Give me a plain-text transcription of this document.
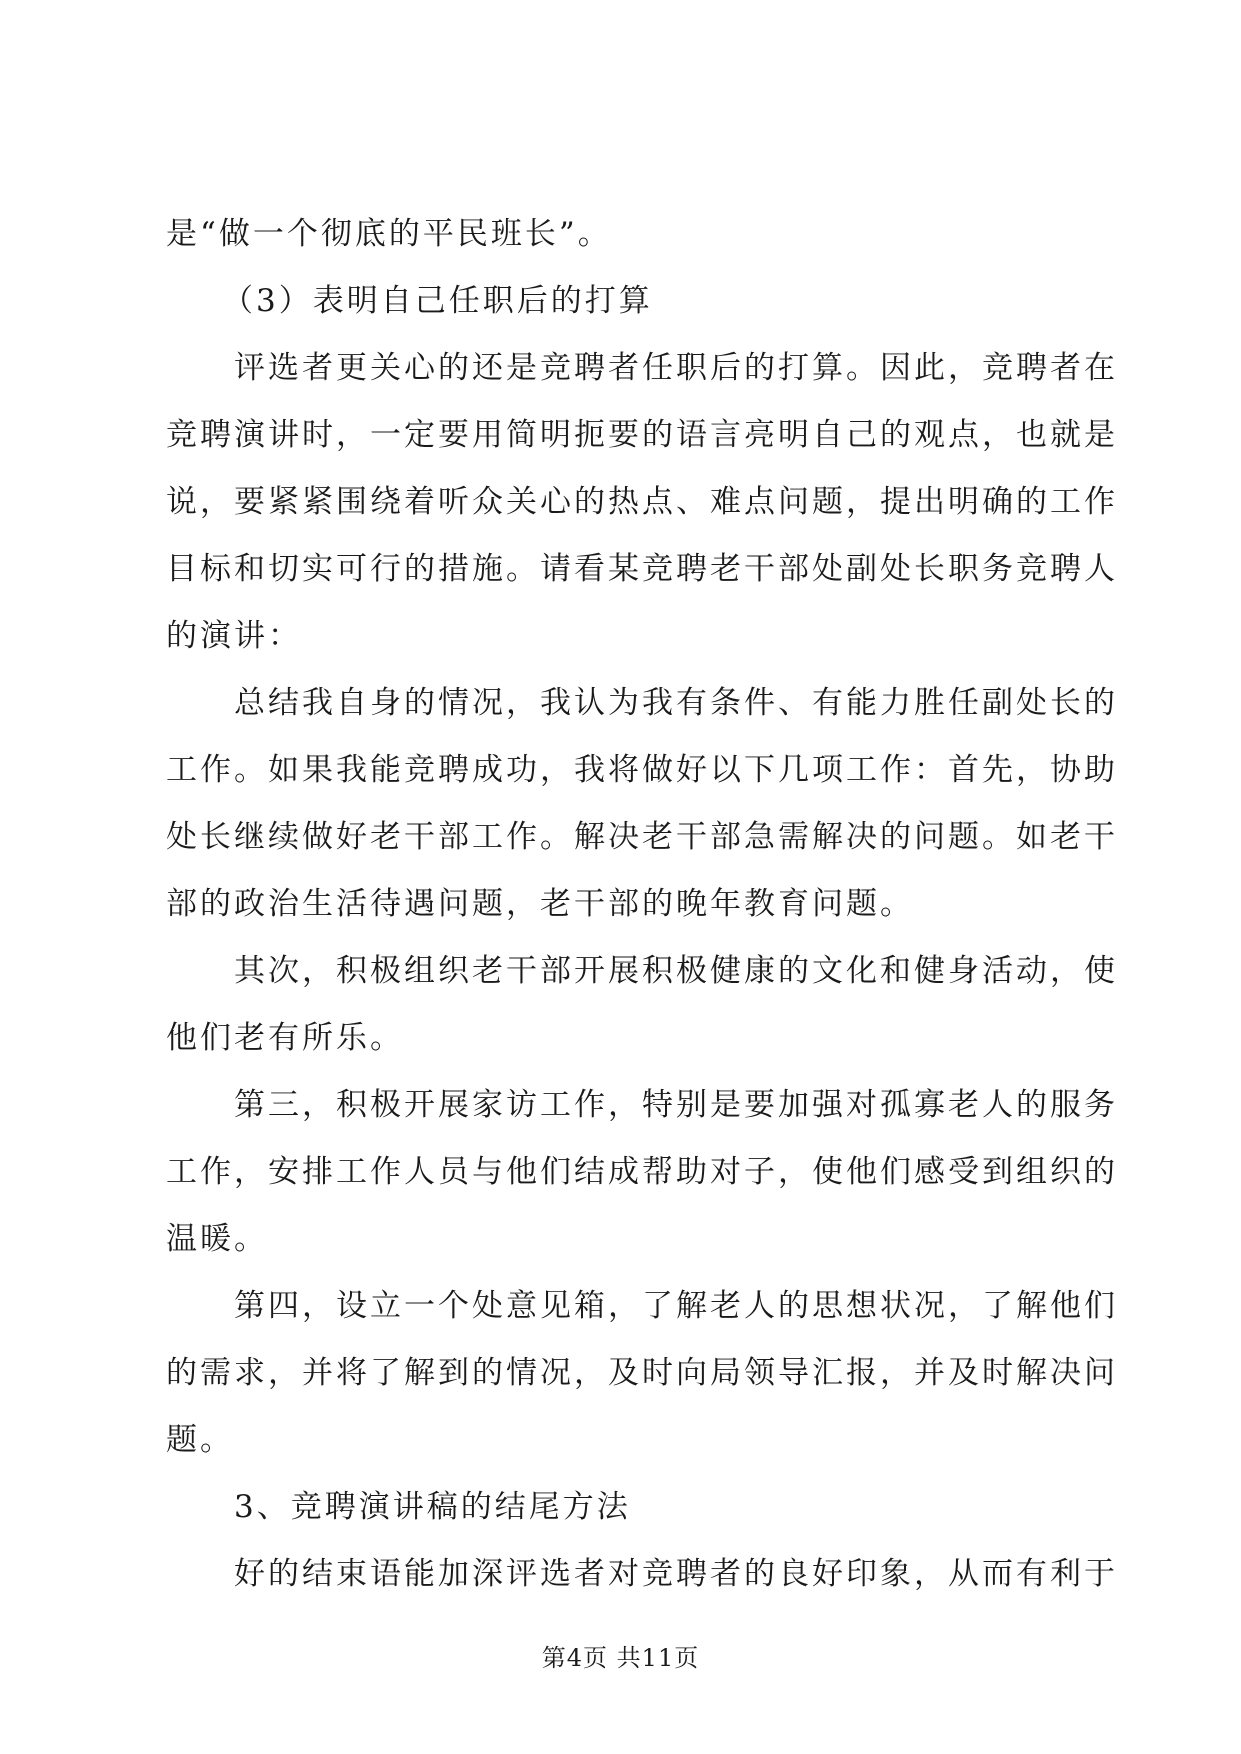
是“做一个彻底的平民班长”。
（3）表明自己任职后的打算
评选者更关心的还是竞聘者任职后的打算。因此，竞聘者在
竞聘演讲时，一定要用简明扼要的语言亮明自己的观点，也就是
说，要紧紧围绕着听众关心的热点、难点问题，提出明确的工作
目标和切实可行的措施。请看某竞聘老干部处副处长职务竞聘人
的演讲：
总结我自身的情况，我认为我有条件、有能力胜任副处长的
工作。如果我能竞聘成功，我将做好以下几项工作：首先，协助
处长继续做好老干部工作。解决老干部急需解决的问题。如老干
部的政治生活待遇问题，老干部的晚年教育问题。
其次，积极组织老干部开展积极健康的文化和健身活动，使
他们老有所乐。
第三，积极开展家访工作，特别是要加强对孤寡老人的服务
工作，安排工作人员与他们结成帮助对子，使他们感受到组织的
温暖。
第四，设立一个处意见箱，了解老人的思想状况，了解他们
的需求，并将了解到的情况，及时向局领导汇报，并及时解决问
题。
3、竞聘演讲稿的结尾方法
好的结束语能加深评选者对竞聘者的良好印象，从而有利于
第4页 共11页
